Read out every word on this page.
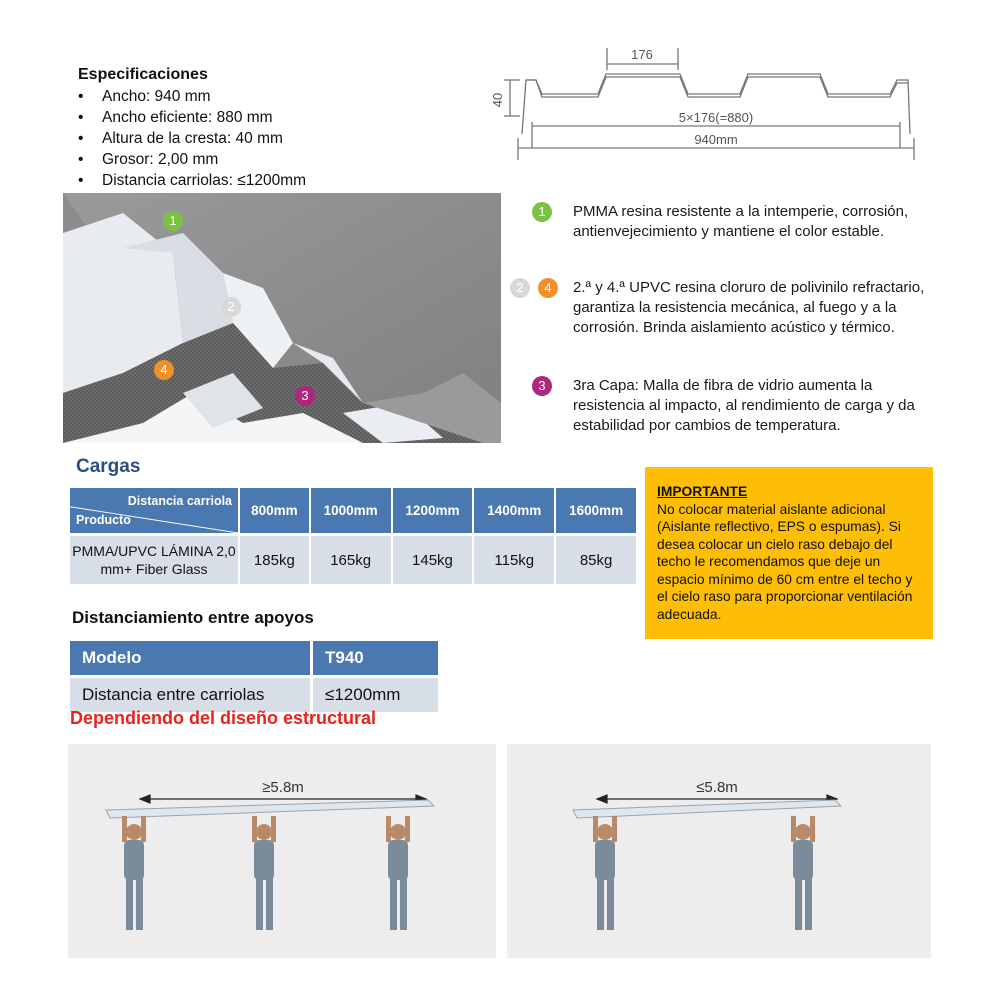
Especificaciones
• Ancho: 940 mm
• Ancho eficiente: 880 mm
• Altura de la cresta: 40 mm
• Grosor: 2,00 mm
• Distancia carriolas: ≤1200mm
176
40
5×176(=880)
940mm
1
2
4
3
1	PMMA resina resistente a la intemperie, corrosión, antienvejecimiento y mantiene el color estable.

2	4	2.ª y 4.ª UPVC resina cloruro de polivinilo refractario, garantiza la resistencia mecánica, al fuego y a la corrosión. Brinda aislamiento acústico y térmico.

3	3ra Capa: Malla de fibra de vidrio aumenta la resistencia al impacto, al rendimiento de carga y da estabilidad por cambios de temperatura.

Cargas
Distancia carriola
Producto	800mm	1000mm	1200mm	1400mm	1600mm
PMMA/UPVC LÁMINA 2,0 mm+ Fiber Glass	185kg	165kg	145kg	115kg	85kg
IMPORTANTE
No colocar material aislante adicional (Aislante reflectivo, EPS o espumas). Si desea colocar un cielo raso debajo del techo le recomendamos que deje un espacio mínimo de 60 cm entre el techo y el cielo raso para proporcionar ventilación adecuada.
Distanciamiento entre apoyos
Modelo	T940
Distancia entre carriolas	≤1200mm
Dependiendo del diseño estructural
≥5.8m	≤5.8m
